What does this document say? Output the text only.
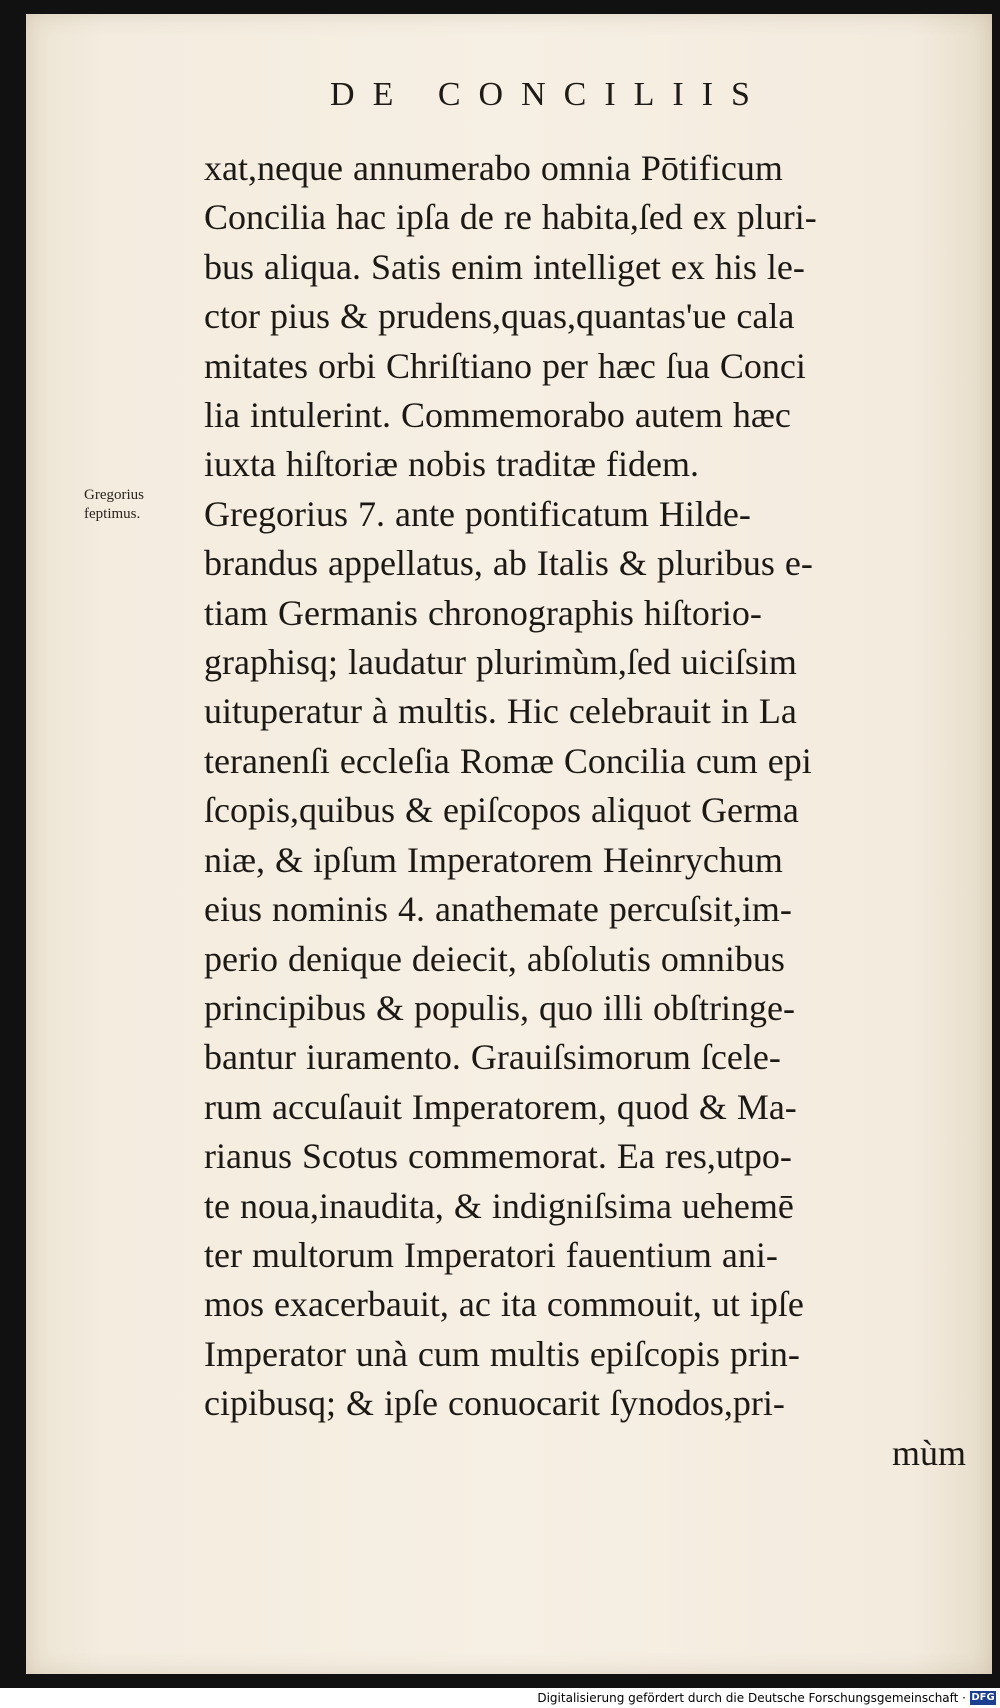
DE CONCILIIS
Gregorius
feptimus.
xat,neque annumerabo omnia Pōtificum
Concilia hac ipſa de re habita,ſed ex pluri-
bus aliqua. Satis enim intelliget ex his le-
ctor pius & prudens,quas,quantas'ue cala
mitates orbi Chriſtiano per hæc ſua Conci
lia intulerint. Commemorabo autem hæc
iuxta hiſtoriæ nobis traditæ fidem.
Gregorius 7. ante pontificatum Hilde-
brandus appellatus, ab Italis & pluribus e-
tiam Germanis chronographis hiſtorio-
graphisq; laudatur plurimùm,ſed uiciſsim
uituperatur à multis. Hic celebrauit in La
teranenſi eccleſia Romæ Concilia cum epi
ſcopis,quibus & epiſcopos aliquot Germa
niæ, & ipſum Imperatorem Heinrychum
eius nominis 4. anathemate percuſsit,im-
perio denique deiecit, abſolutis omnibus
principibus & populis, quo illi obſtringe-
bantur iuramento. Grauiſsimorum ſcele-
rum accuſauit Imperatorem, quod & Ma-
rianus Scotus commemorat. Ea res,utpo-
te noua,inaudita, & indigniſsima uehemē
ter multorum Imperatori fauentium ani-
mos exacerbauit, ac ita commouit, ut ipſe
Imperator unà cum multis epiſcopis prin-
cipibusq; & ipſe conuocarit ſynodos,pri-
mùm
Digitalisierung gefördert durch die Deutsche Forschungsgemeinschaft · DFG
